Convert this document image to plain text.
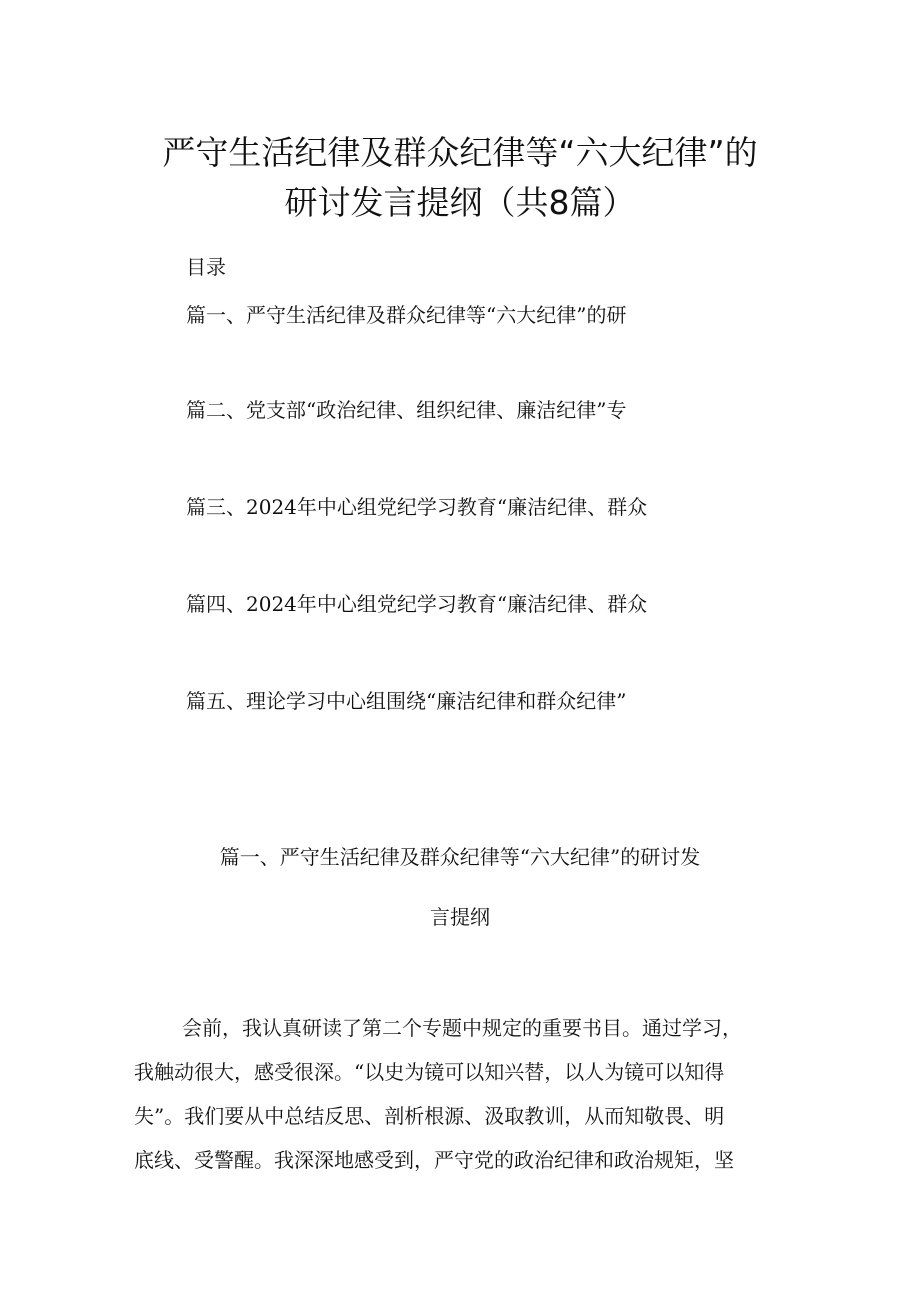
严守生活纪律及群众纪律等“六大纪律”的
研讨发言提纲（共8篇）
目录
篇一、严守生活纪律及群众纪律等“六大纪律”的研
篇二、党支部“政治纪律、组织纪律、廉洁纪律”专
篇三、2024年中心组党纪学习教育“廉洁纪律、群众
篇四、2024年中心组党纪学习教育“廉洁纪律、群众
篇五、理论学习中心组围绕“廉洁纪律和群众纪律”
篇一、严守生活纪律及群众纪律等“六大纪律”的研讨发
言提纲
会前，我认真研读了第二个专题中规定的重要书目。通过学习，
我触动很大，感受很深。“以史为镜可以知兴替，以人为镜可以知得
失”。我们要从中总结反思、剖析根源、汲取教训，从而知敬畏、明
底线、受警醒。我深深地感受到，严守党的政治纪律和政治规矩，坚
